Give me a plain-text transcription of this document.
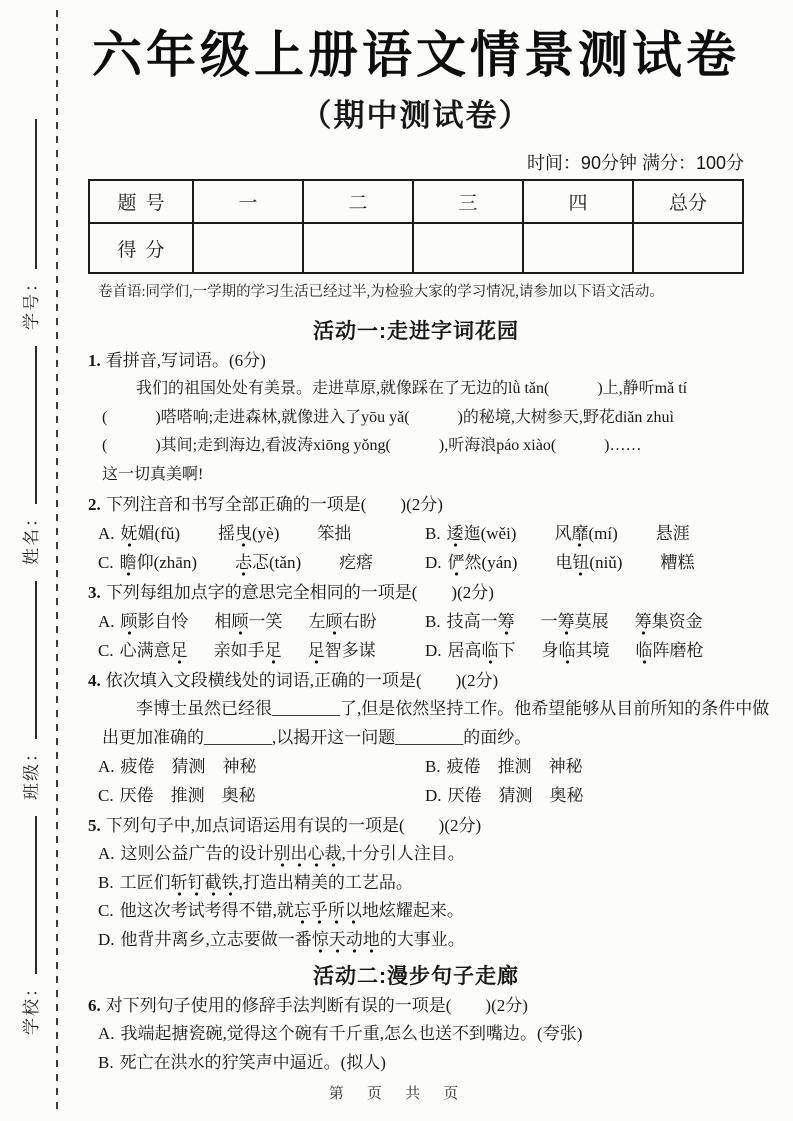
学校：
班级：
姓名：
学号：
六年级上册语文情景测试卷
（期中测试卷）
时间：90分钟 满分：100分
题号	一	二	三	四	总分
得分					
卷首语:同学们,一学期的学习生活已经过半,为检验大家的学习情况,请参加以下语文活动。
活动一:走进字词花园
1. 看拼音,写词语。(6分)
我们的祖国处处有美景。走进草原,就像踩在了无边的lǜ tǎn(　　　)上,静听mǎ tí
(　　　)嗒嗒响;走进森林,就像进入了yōu yǎ(　　　)的秘境,大树参天,野花diǎn zhuì
(　　　)其间;走到海边,看波涛xiōng yǒng(　　　),听海浪páo xiào(　　　)……
这一切真美啊!
2. 下列注音和书写全部正确的一项是(　　)(2分)
A. 妩媚(fǔ) 摇曳(yè) 笨拙	B. 逶迤(wěi) 风靡(mí) 悬涯
C. 瞻仰(zhān) 忐忑(tǎn) 疙瘩	D. 俨然(yán) 电钮(niǔ) 糟糕
3. 下列每组加点字的意思完全相同的一项是(　　)(2分)
A. 顾影自怜 相顾一笑 左顾右盼	B. 技高一筹 一筹莫展 筹集资金
C. 心满意足 亲如手足 足智多谋	D. 居高临下 身临其境 临阵磨枪
4. 依次填入文段横线处的词语,正确的一项是(　　)(2分)
李博士虽然已经很________了,但是依然坚持工作。他希望能够从目前所知的条件中做
出更加准确的________,以揭开这一问题________的面纱。
A. 疲倦　猜测　神秘	B. 疲倦　推测　神秘
C. 厌倦　推测　奥秘	D. 厌倦　猜测　奥秘
5. 下列句子中,加点词语运用有误的一项是(　　)(2分)
A. 这则公益广告的设计别出心裁,十分引人注目。
B. 工匠们斩钉截铁,打造出精美的工艺品。
C. 他这次考试考得不错,就忘乎所以地炫耀起来。
D. 他背井离乡,立志要做一番惊天动地的大事业。
活动二:漫步句子走廊
6. 对下列句子使用的修辞手法判断有误的一项是(　　)(2分)
A. 我端起搪瓷碗,觉得这个碗有千斤重,怎么也送不到嘴边。(夸张)
B. 死亡在洪水的狞笑声中逼近。(拟人)
第 页 共 页
